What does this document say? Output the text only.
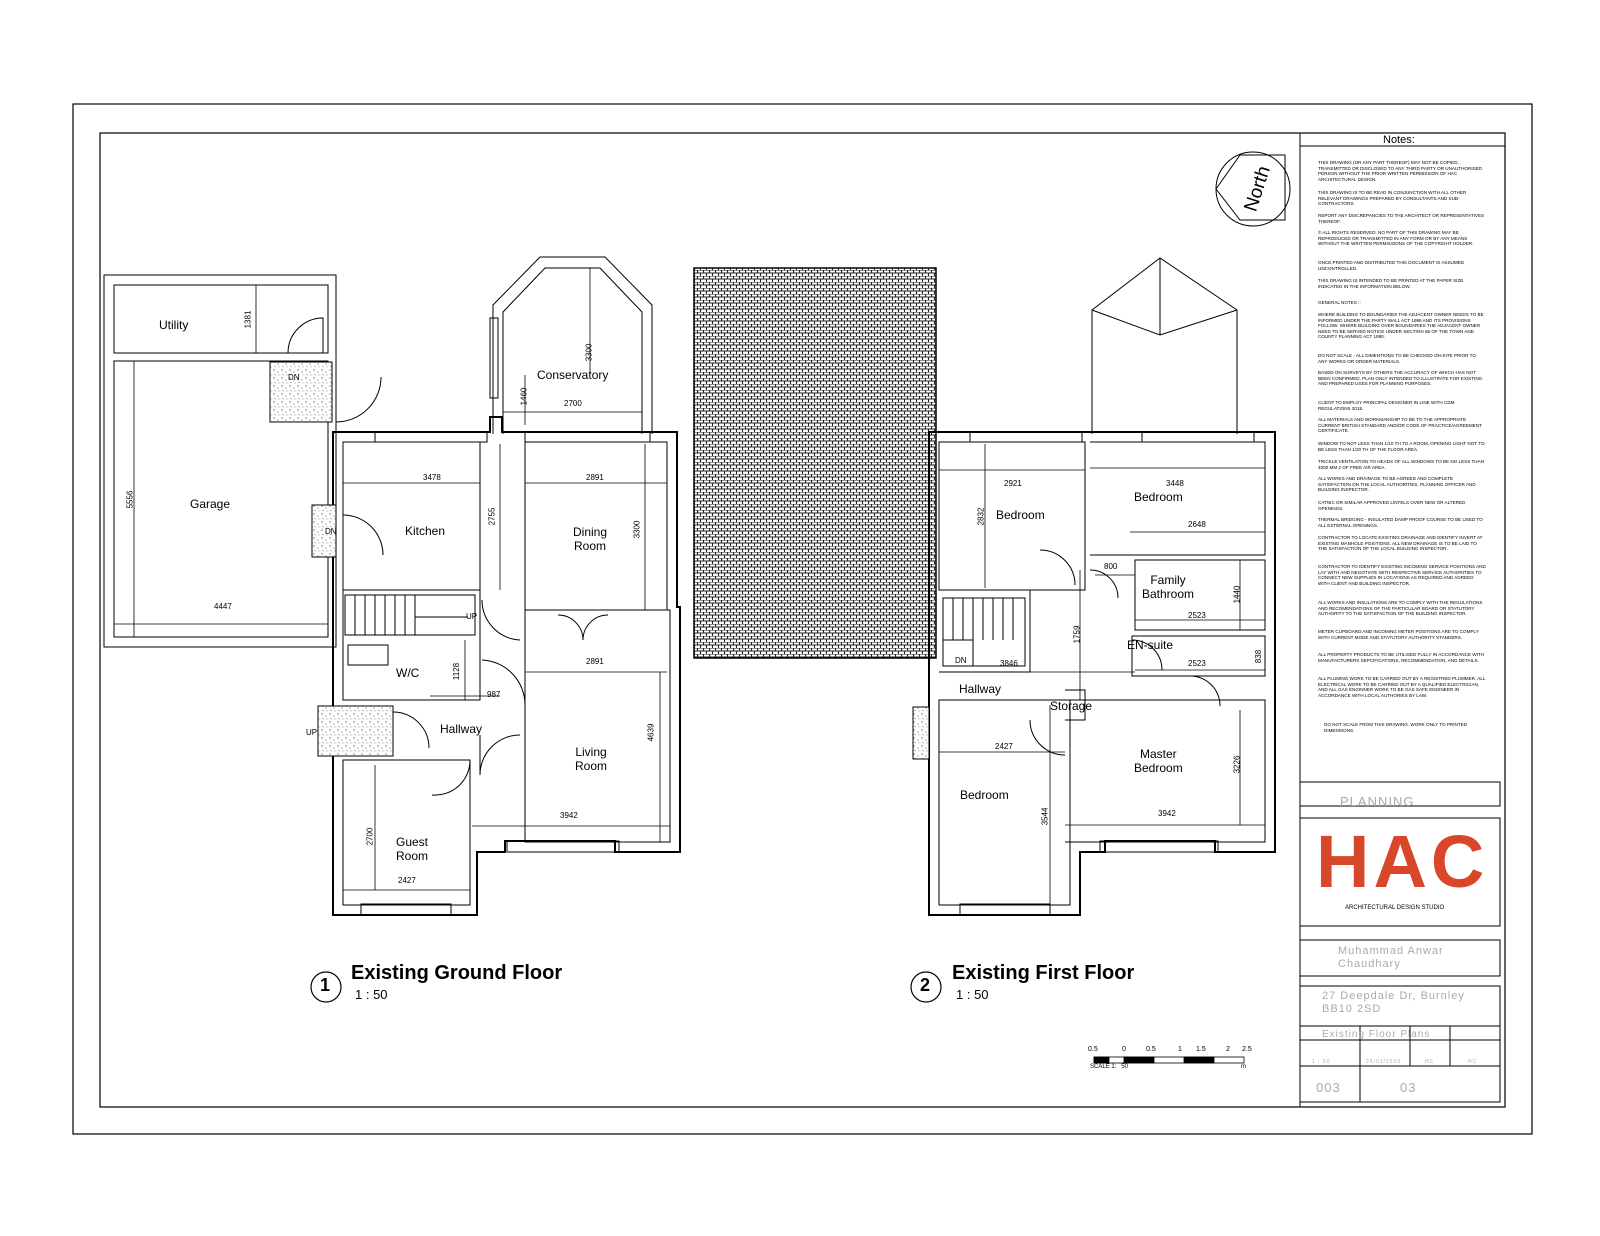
Utility
Garage
Kitchen
Conservatory
Dining
Room
W/C
Hallway
Living
Room
Guest
Room
1381
5556
4447
3300
1460	2700
3478
2755
2891
3300
2891
4639
3942
1128
987
2700
2427
DN
DN
UP
UP
Bedroom
Bedroom
Family
Bathroom
EN-suite
Hallway
Storage
Master
Bedroom
Bedroom
2921
2832
3448
2648
800
2523
1440
2523
838
3846
1759
2427
3544
3226
3942
DN
North
1
Existing Ground Floor
1 : 50	2
Existing First Floor
1 : 50
0.5	0	0.5	1 1.5	2 2.5
SCALE 1:   50	m
Notes:
THIS DRAWING (OR ANY PART THEREOF) MAY NOT BE COPIED, TRANSMITTED OR DISCLOSED TO ANY THIRD PARTY OR UNAUTHORISED PERSON WITHOUT THE PRIOR WRITTEN PERMISSION OF HAC ARCHITECTURAL DESIGN.
THIS DRAWING IS TO BE READ IN CONJUNCTION WITH ALL OTHER RELEVANT DRAWINGS PREPARED BY CONSULTANTS AND SUB-CONTRACTORS.
REPORT ANY DISCREPANCIES TO THE ARCHITECT OR REPRESENTATIVES THEREOF.
© ALL RIGHTS RESERVED. NO PART OF THIS DRAWING MAY BE REPRODUCED OR TRANSMITTED IN ANY FORM OR BY ANY MEANS WITHOUT THE WRITTEN PERMISSIONS OF THE COPYRIGHT HOLDER.
ONCE PRINTED AND DISTRIBUTED THIS DOCUMENT IS ASSUMED UNCONTROLLED.
THIS DRAWING IS INTENDED TO BE PRINTED AT THE PAPER SIZE INDICATED IN THE INFORMATION BELOW.
GENERAL NOTES :-
WHERE BUILDING TO BOUNDARIES THE ADJACENT OWNER NEEDS TO BE INFORMED UNDER THE PARTY WALL ACT 1996 AND ITS PROVISIONS FOLLOW. WHERE BUILDING OVER BOUNDARIES THE ADJACENT OWNER NEED TO BE SERVED NOTICE UNDER SECTION 65 OF THE TOWN AND COUNTY PLANNING ACT 1990.
DO NOT SCALE - ALL DIMENTIONS TO BE CHECKED ON-SITE PRIOR TO ANY WORKS OR ORDER MATERIALS.
BASED ON SURVEYS BY OTHERS THE ACCURACY OF WHICH HAS NOT BEEN CONFIRMED. PLAN ONLY INTENDED TO ILLUSTRATE FOR EXISTING AND PREPARED USES FOR PLANNING PURPOSES.
CLIENT TO EMPLOY PRINCIPAL DESIGNER IN LINE WITH CDM REGULATIONS 2015.
ALL MATERIALS AND WORKMANSHIP TO BE TO THE APPROPRIATE CURRENT BRITISH STANDARD AND/OR CODE OF PRACTICE/AGREEMENT CERTIFICATE.
WINDOW TO NOT LESS THAN 1/10 TH TO A ROOM, OPENING LIGHT NOT TO BE LESS THAN 1/20 TH OF THE FLOOR AREA.
TRICKLE VENTILATION TO HEADS OF ALL WINDOWS TO BE NO LESS THAN 4000 MM 2 OF FREE AIR AREA.
ALL WORKS AND DRAINAGE TO BE AGREED AND COMPLETE SATISFACTION ON THE LOCAL AUTHORITIES, PLANNING OFFICER AND BUILDING INSPECTOR.
CATNIC OR SIMILAR APPROVED LINTELS OVER NEW OR ALTERED OPENINGS.
THERMAL BRIDGING - INSULATED DAMP PROOF COURSE TO BE USED TO ALL EXTERNAL OPENINGS.
CONTRACTOR TO LOCATE EXISTING DRAINAGE AND IDENTIFY INVERT AT EXISTING MANHOLE POSITIONS. ALL NEW DRAINAGE IS TO BE LAID TO THE SATISFACTION OF THE LOCAL BUILDING INSPECTOR.
CONTRACTOR TO IDENTIFY EXISTING INCOMING SERVICE POSITIONS AND LAY WITH AND NEGOTIATE WITH RESPECTIVE SERVICE AUTHORITIES TO CONNECT NEW SUPPLIES IN LOCATIONS AS REQUIRED AND AGREED WITH CLIENT AND BUILDING INSPECTOR.
ALL WORKS AND INSULATIONS ARE TO COMPLY WITH THE REGULATIONS AND RECOMENDATIONS OF THE PARTICULAR BOARD OR STATUTORY AUTHORITY TO THE SATISFACTION OF THE BUILDING INSPECTOR.
METER CUPBOARD AND INCOMING METER POSITIONS ARE TO COMPLY WITH CURRENT MODE AND STATUTORY AUTHORITY STANDERS.
ALL PROPERTY PRODUCTS TO BE UTILISED FULLY IN ACCORDANCE WITH MANUFACTURERS SEPCIFICATIONS, RECOMMENDATION, AND DETAILS.
ALL PLUMING WORK TO BE CARRIED OUT BY A REGISTRED PLUMMER. ALL ELECTRICAL WORK TO BE CARRIED OUT BY A QUALIFIED ELECTRICIAN, AND ALL GAS ENGINNER WORK TO BE GAS SAFE ENGINEER IN ACCORDANCE WITH LOCAL AUTHORIES BY LAW.
DO NOT SCALE FROM THIS DRAWING. WORK ONLY TO PRINTED DIMENSIONS.
PLANNING
HAC
ARCHITECTURAL DESIGN STUDIO
Muhammad Anwar
Chaudhary
27 Deepdale Dr, Burnley
BB10 2SD
Existing Floor Plans
1 : 50	26/01/2020	HC	HC
003	03
